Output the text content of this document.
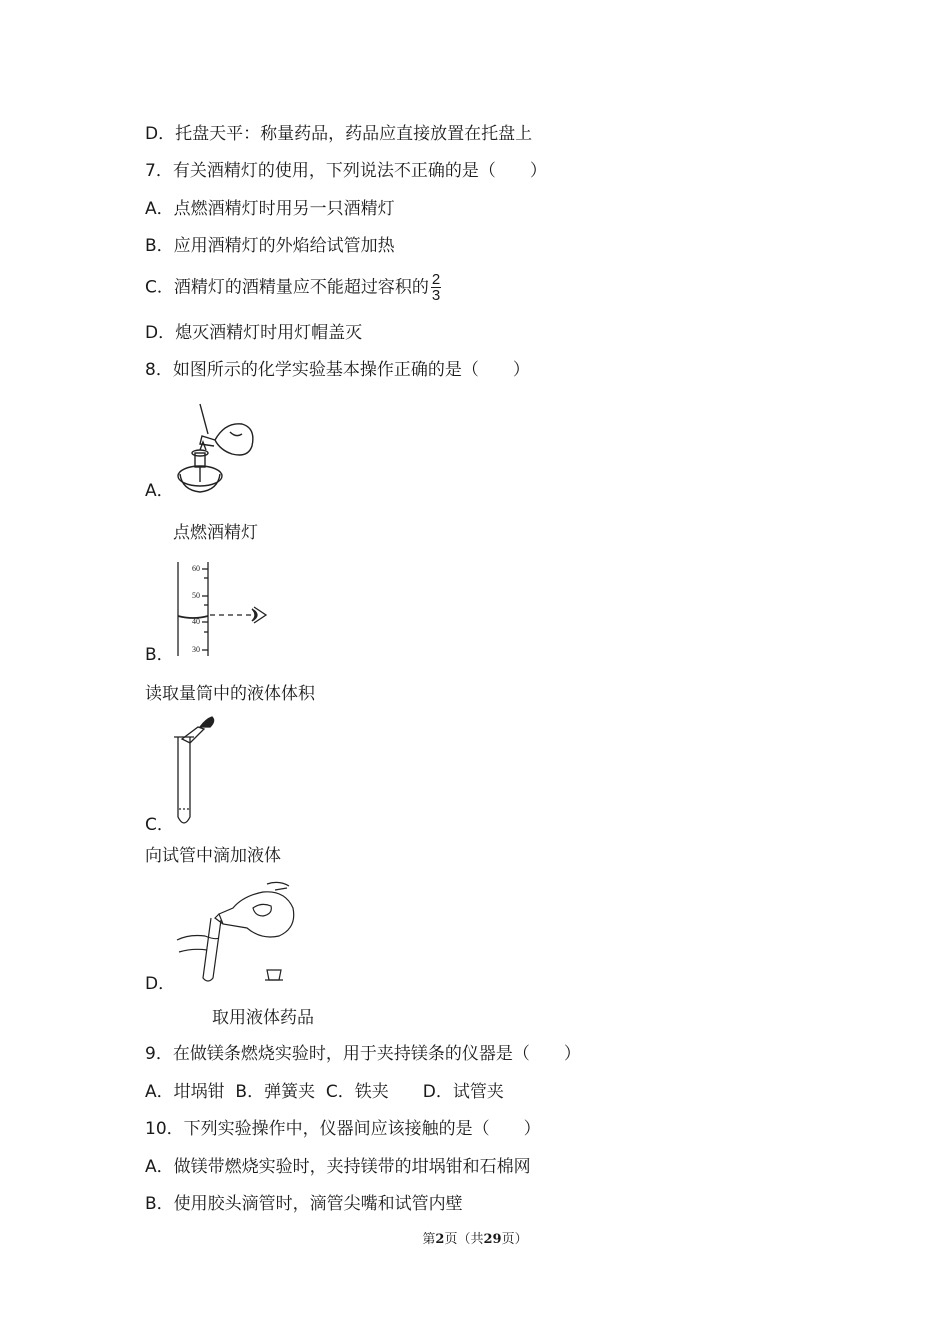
D．托盘天平：称量药品，药品应直接放置在托盘上
7．有关酒精灯的使用，下列说法不正确的是（　　）
A．点燃酒精灯时用另一只酒精灯
B．应用酒精灯的外焰给试管加热
C．酒精灯的酒精量应不能超过容积的 $\frac{2}{3}$
D．熄灭酒精灯时用灯帽盖灭
8．如图所示的化学实验基本操作正确的是（　　）
A．
点燃酒精灯
60
50
40
30
B．
读取量筒中的液体体积
C．
向试管中滴加液体
D．
取用液体药品
9．在做镁条燃烧实验时，用于夹持镁条的仪器是（　　）
A．坩埚钳  B．弹簧夹  C．铁夹　　D．试管夹
10．下列实验操作中，仪器间应该接触的是（　　）
A．做镁带燃烧实验时，夹持镁带的坩埚钳和石棉网
B．使用胶头滴管时，滴管尖嘴和试管内壁
第2页（共29页）
